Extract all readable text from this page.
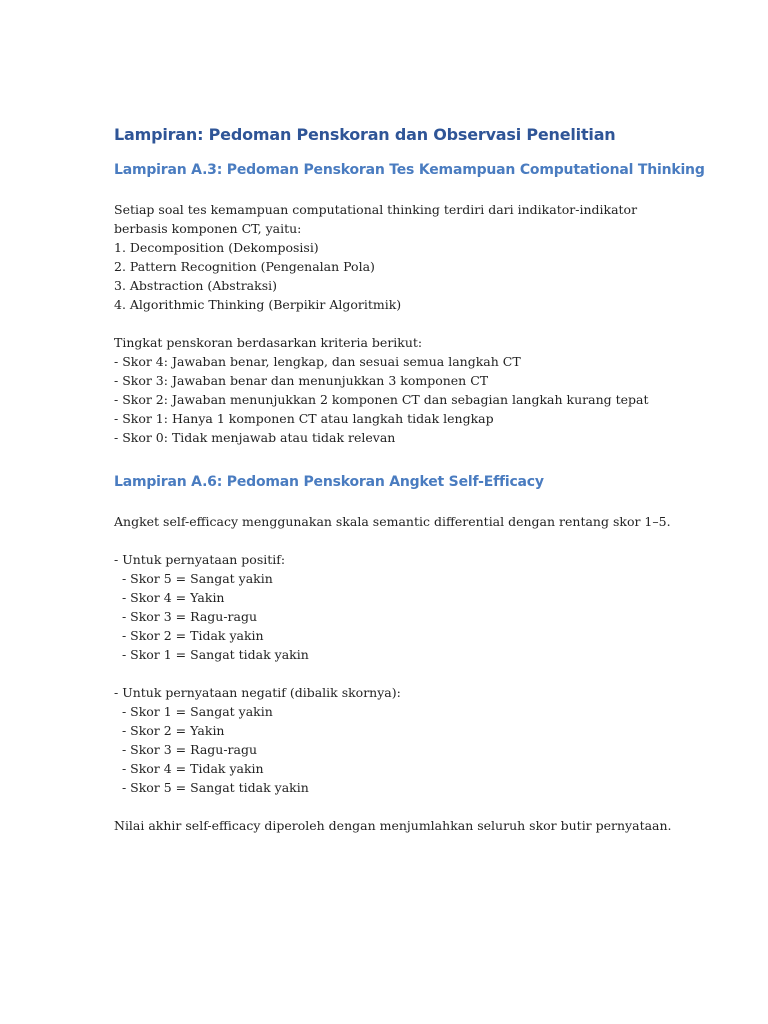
Lampiran: Pedoman Penskoran dan Observasi Penelitian
Lampiran A.3: Pedoman Penskoran Tes Kemampuan Computational Thinking

Setiap soal tes kemampuan computational thinking terdiri dari indikator-indikator berbasis komponen CT, yaitu:

1. Decomposition (Dekomposisi)
2. Pattern Recognition (Pengenalan Pola)
3. Abstraction (Abstraksi)
4. Algorithmic Thinking (Berpikir Algoritmik)

Tingkat penskoran berdasarkan kriteria berikut:

- Skor 4: Jawaban benar, lengkap, dan sesuai semua langkah CT
- Skor 3: Jawaban benar dan menunjukkan 3 komponen CT
- Skor 2: Jawaban menunjukkan 2 komponen CT dan sebagian langkah kurang tepat
- Skor 1: Hanya 1 komponen CT atau langkah tidak lengkap
- Skor 0: Tidak menjawab atau tidak relevan
Lampiran A.6: Pedoman Penskoran Angket Self-Efficacy

Angket self-efficacy menggunakan skala semantic differential dengan rentang skor 1–5.

- Untuk pernyataan positif:

- Skor 5 = Sangat yakin
- Skor 4 = Yakin
- Skor 3 = Ragu-ragu
- Skor 2 = Tidak yakin
- Skor 1 = Sangat tidak yakin

- Untuk pernyataan negatif (dibalik skornya):

- Skor 1 = Sangat yakin
- Skor 2 = Yakin
- Skor 3 = Ragu-ragu
- Skor 4 = Tidak yakin
- Skor 5 = Sangat tidak yakin

Nilai akhir self-efficacy diperoleh dengan menjumlahkan seluruh skor butir pernyataan.
